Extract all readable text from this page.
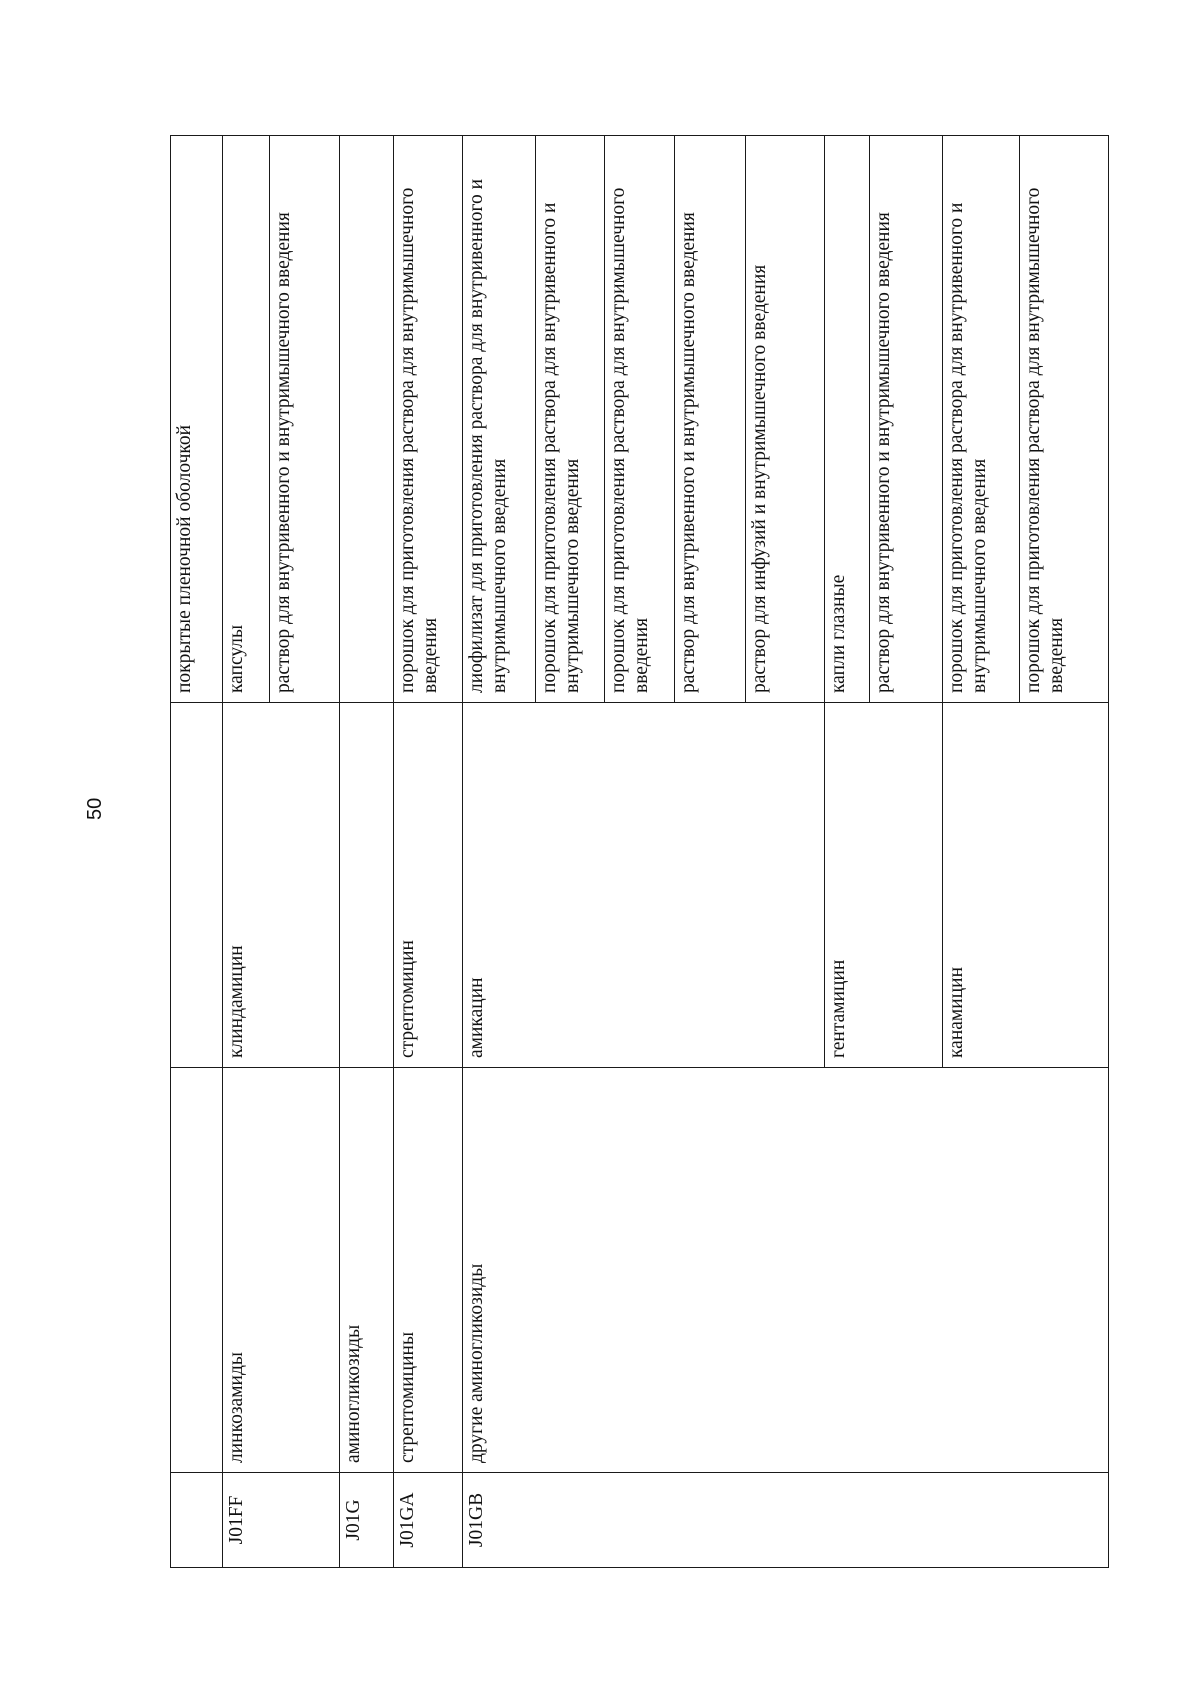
50
			покрытые пленочной оболочкой
J01FF	линкозамиды	клиндамицин	капсулы
			раствор для внутривенного и внутримышечного введения
J01G	аминогликозиды		
J01GA	стрептомицины	стрептомицин	порошок для приготовления раствора для внутримышечного введения
J01GB	другие аминогликозиды	амикацин	лиофилизат для приготовления раствора для внутривенного и внутримышечного введения
			порошок для приготовления раствора для внутривенного и внутримышечного введения
			порошок для приготовления раствора для внутримышечного введения
			раствор для внутривенного и внутримышечного введения
			раствор для инфузий и внутримышечного введения
		гентамицин	капли глазные
			раствор для внутривенного и внутримышечного введения
		канамицин	порошок для приготовления раствора для внутривенного и внутримышечного введения
			порошок для приготовления раствора для внутримышечного введения
